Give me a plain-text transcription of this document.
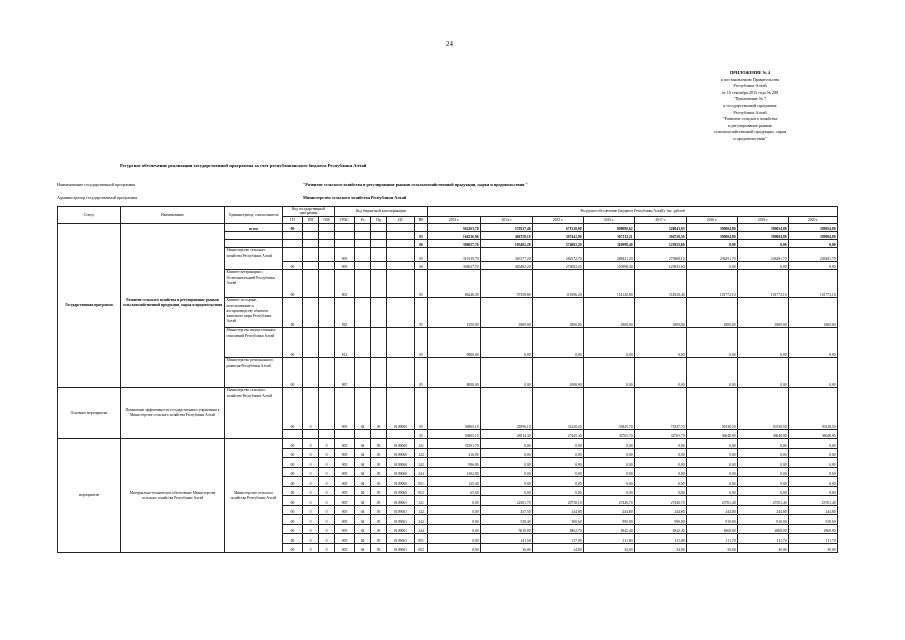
24
ПРИЛОЖЕНИЕ № 4
к постановлению Правительства
Республики Алтай
от 10 сентября 2015 года № 288
"Приложение № 7
к государственной программе
Республики Алтай
"Развитие сельского хозяйства
и регулирование рынков
сельскохозяйственной продукции, сырья
и продовольствия"
Ресурсное обеспечение реализации государственной программы за счет республиканского бюджета Республики Алтай
Наименование государственной программы	"Развитие сельского хозяйства и регулирование рынков сельскохозяйственной продукции, сырья и продовольствия "
Администратор государственной программы	Министерство сельского хозяйства Республики Алтай
Статус	Наименование	Администратор, соисполнитель	Код государственной программы			Код бюджетной классификации					Ресурсное обеспечение (бюджета Республики Алтай), тыс. рублей							
			ГП	ПП	ОМ	ГРБС	Рз	Пр	ЦС	ВР	2013 г.	2014 г.	2015 г.	2016 г.	2017 г.	2018 г.	2019 г.	2020 г.
Государственная программа	Развитие сельского хозяйства и регулирование рынков сельскохозяйственной продукции, сырья и продовольствия "	всего	00								562263,70	570237,40	671528,00	808080,62	528043,93	399084,80	399054,80	399054,80
										05	166236,00	466758,10	397441,90	397112,21	394728,50	399084,80	399084,80	399084,80
										06	396027,70	103482,20	274082,20	110998,40	123925,60	0,00	0,00	0,00
		Министерство сельского хозяйства Республики Алтай				905				05	319139,70	363177,20	282572,70	288421,20	275808,10	236251,70	236281,70	236281,70
			00			905				06	394027,70	403482,20	274082,20	110998,40	123925,60	0,00	0,00	0,00
		Комитет ветеринарии с Госветинспекцией Республики Алтай	00			801				05	86246,30	97358,80	111696,20	114120,80	114920,40	101772,10	101773,10	101773,10
		Комитет по охране, использованию и воспроизводству объектов животного мира Республики Алтай	00			825				05	1550,00	1800,00	1800,00	1800,00	1800,00	1800,00	1800,00	1800,00
		Министерство имущественных отношений Республики Алтай	00			812				05	9000,00	0,00	0,00	0,00	0,00	0,00	0,00	0,00
		Министерство регионального развития Республики Алтай	00			867				05	8000,00	0,00	1000,00	0,00	0,00	0,00	0,00	0,00
Основное мероприятие	Повышение эффективности государственного управления в Министерстве сельского хозяйства Республики Алтай	Министерство сельского хозяйства Республики Алтай	00	0		905	04	05	0109000	05	56965,10	28596,10	31420,20	35845,70	73547,70	50138,50	50138,50	50138,50
										05	56965,10	28514,30	27445,30	32765,70	32765,70	36048,90	36048,90	36048,90
мероприятие	Материально-техническое обеспечение Министерства сельского хозяйства Республики Алтай	Министерство сельского хозяйства Республики Алтай	00	0	0	905	04	05	0109060	121	31501,70	0,00	0,00	0,00	0,00	0,00	0,00	0,00
			00	0	0	905	04	05	0109060	122	216,90	0,00	0,00	0,00	0,00	0,00	0,00	0,00
			00	0	0	905	04	05	0109060	242	986,80	0,00	0,00	0,00	0,00	0,00	0,00	0,00
			00	0	0	905	04	05	0109060	244	4102,80	0,00	0,00	0,00	0,00	0,00	0,00	0,00
			00	0	0	905	04	05	0109060	851	125,40	0,00	0,00	0,00	0,00	0,00	0,00	0,00
			00	0	0	905	04	05	0109060	852	65,60	0,00	0,00	0,00	0,00	0,00	0,00	0,00
			00	0	0	905	04	05	0109061	121	0,00	22301,70	20718,10	27446,70	27446,70	23761,40	23761,40	23761,40
			00	0	0	905	04	05	0109061	122	0,00	437,50	244,80	244,80	244,80	244,80	244,80	244,80
			00	0	0	905	04	05	0109061	242	0,00	530,40	300,60	990,00	990,00	910,00	910,00	910,00
			00	0	0	905	04	05	0109061	244	0,00	5010,00	4862,70	4942,40	4942,40	4968,00	4968,00	4968,00
			00	0	0	905	04	05	0109061	851	0,00	141,50	117,90	111,80	111,80	111,70	111,70	111,70
			00	0	0	905	04	05	0109061	852	0,00	36,00	14,00	34,00	34,00	30,00	30,00	30,00
